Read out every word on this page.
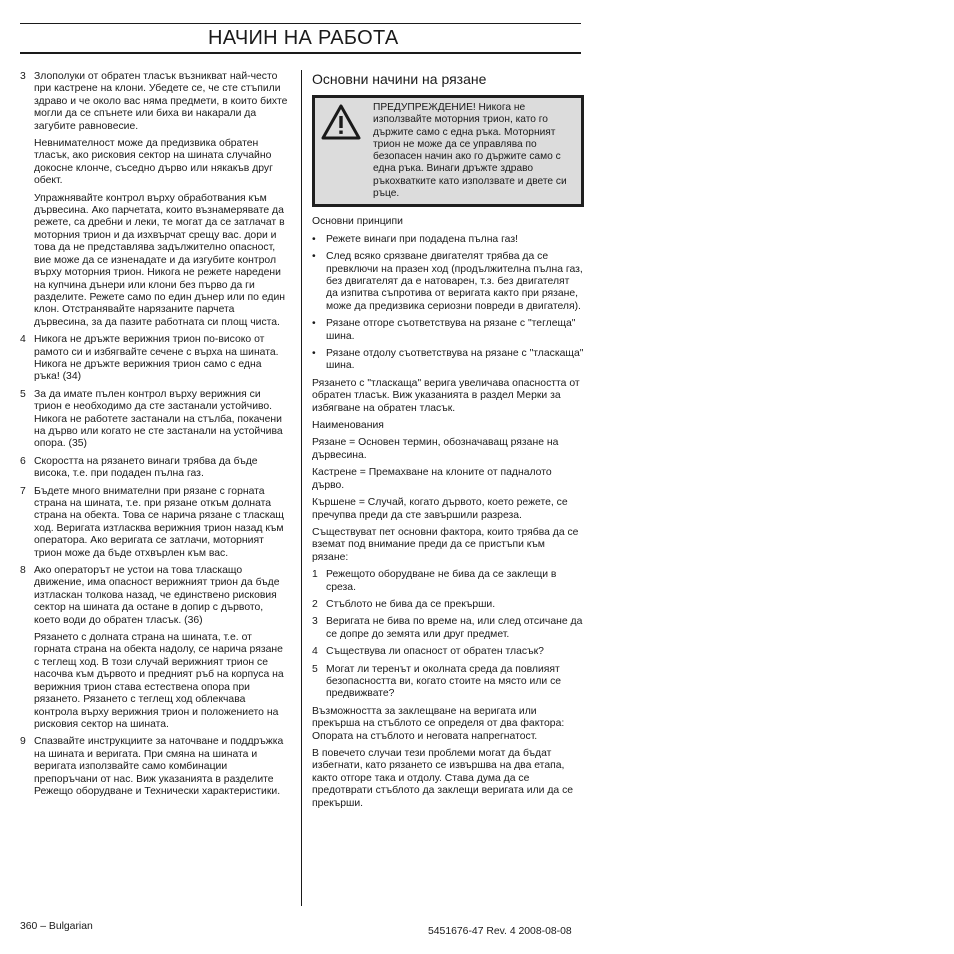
НАЧИН НА РАБОТА
3 Злополуки от обратен тласък възникват най-често при кастрене на клони. Убедете се, че сте стъпили здраво и че около вас няма предмети, в които бихте могли да се спънете или биха ви накарали да загубите равновесие.
Невнимателност може да предизвика обратен тласък, ако рисковия сектор на шината случайно докосне клонче, съседно дърво или някакъв друг обект.
Упражнявайте контрол върху обработвания към дървесина. Ако парчетата, които възнамерявате да режете, са дребни и леки, те могат да се затлачат в моторния трион и да изхвърчат срещу вас. дори и това да не представлява задължително опасност, вие може да се изненадате и да изгубите контрол върху моторния трион. Никога не режете наредени на купчина дънери или клони без първо да ги разделите. Режете само по един дънер или по един клон. Отстранявайте нарязаните парчета дървесина, за да пазите работната си площ чиста.
4 Никога не дръжте верижния трион по-високо от рамото си и избягвайте сечене с върха на шината. Никога не дръжте верижния трион само с една ръка! (34)
5 За да имате пълен контрол върху верижния си трион е необходимо да сте застанали устойчиво. Никога не работете застанали на стълба, покачени на дърво или когато не сте застанали на устойчива опора. (35)
6 Скоростта на рязането винаги трябва да бъде висока, т.е. при подаден пълна газ.
7 Бъдете много внимателни при рязане с горната страна на шината, т.е. при рязане откъм долната страна на обекта. Това се нарича рязане с тласкащ ход. Веригата изтласква верижния трион назад към оператора. Ако веригата се затлачи, моторният трион може да бъде отхвърлен към вас.
8 Ако операторът не устои на това тласкащо движение, има опасност верижният трион да бъде изтласкан толкова назад, че единствено рисковия сектор на шината да остане в допир с дървото, което води до обратен тласък. (36)
Рязането с долната страна на шината, т.е. от горната страна на обекта надолу, се нарича рязане с теглещ ход. В този случай верижният трион се насочва към дървото и предният ръб на корпуса на верижния трион става естествена опора при рязането. Рязането с теглещ ход облекчава контрола върху верижния трион и положението на рисковия сектор на шината.
9 Спазвайте инструкциите за наточване и поддръжка на шината и веригата. При смяна на шината и веригата използвайте само комбинации препоръчани от нас. Виж указанията в разделите Режещо оборудване и Технически характеристики.
Основни начини на рязане
ПРЕДУПРЕЖДЕНИЕ! Никога не използвайте моторния трион, като го държите само с една ръка. Моторният трион не може да се управлява по безопасен начин ако го държите само с една ръка. Винаги дръжте здраво ръкохватките като използвате и двете си ръце.
Основни принципи
• Режете винаги при подадена пълна газ!
• След всяко срязване двигателят трябва да се превключи на празен ход (продължителна пълна газ, без двигателят да е натоварен, т.з. без двигателят да изпитва съпротива от веригата както при рязане, може да предизвика сериозни повреди в двигателя).
• Рязане отгоре съответствува на рязане с "теглеща" шина.
• Рязане отдолу съответствува на рязане с "тласкаща" шина.
Рязането с "тласкаща" верига увеличава опасността от обратен тласък. Виж указанията в раздел Мерки за избягване на обратен тласък.
Наименования
Рязане = Основен термин, обозначаващ рязане на дървесина.
Кастрене = Премахване на клоните от падналото дърво.
Кършене = Случай, когато дървото, което режете, се пречупва преди да сте завършили разреза.
Съществуват пет основни фактора, които трябва да се вземат под внимание преди да се пристъпи към рязане:
1 Режещото оборудване не бива да се заклещи в среза.
2 Стъблото не бива да се прекърши.
3 Веригата не бива по време на, или след отсичане да се допре до земята или друг предмет.
4 Съществува ли опасност от обратен тласък?
5 Могат ли теренът и околната среда да повлияят безопасността ви, когато стоите на място или се предвижвате?
Възможността за заклещване на веригата или прекърша на стъблото се определя от два фактора: Опората на стъблото и неговата напрегнатост.
В повечето случаи тези проблеми могат да бъдат избегнати, като рязането се извършва на два етапа, както отгоре така и отдолу. Става дума да се предотврати стъблото да заклещи веригата или да се прекърши.
360 – Bulgarian	5451676-47 Rev. 4 2008-08-08
